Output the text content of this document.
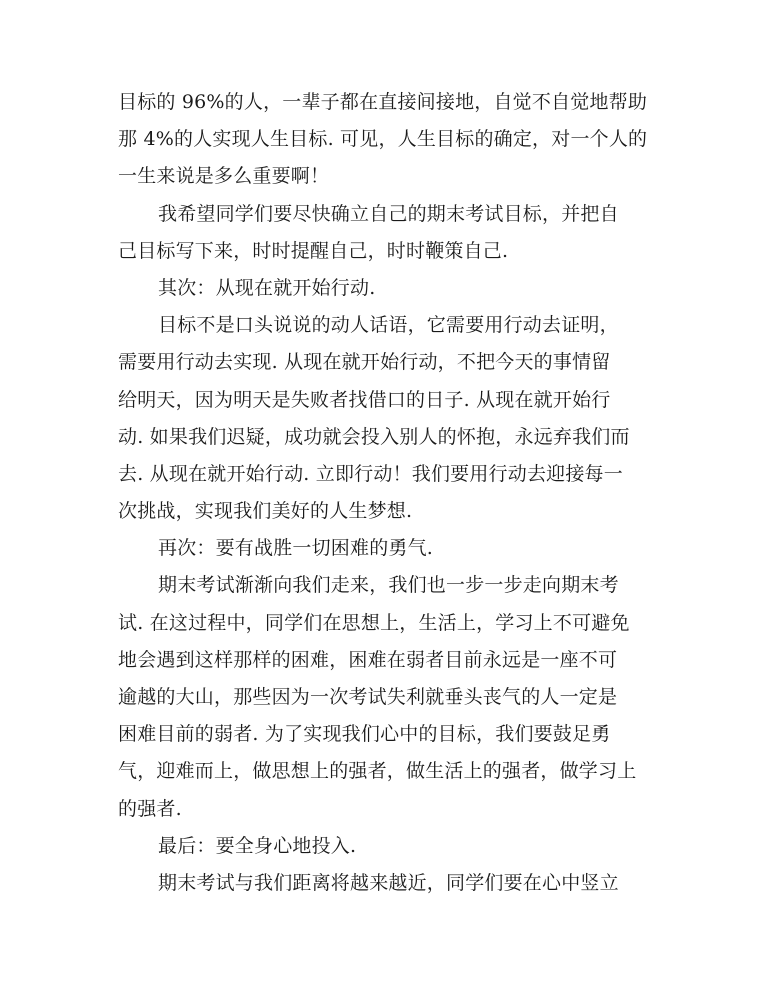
目标的 96%的人，一辈子都在直接间接地，自觉不自觉地帮助
那 4%的人实现人生目标. 可见，人生目标的确定，对一个人的
一生来说是多么重要啊！
我希望同学们要尽快确立自己的期末考试目标，并把自
己目标写下来，时时提醒自己，时时鞭策自己.
其次：从现在就开始行动.
目标不是口头说说的动人话语，它需要用行动去证明，
需要用行动去实现. 从现在就开始行动，不把今天的事情留
给明天，因为明天是失败者找借口的日子. 从现在就开始行
动. 如果我们迟疑，成功就会投入别人的怀抱，永远弃我们而
去. 从现在就开始行动. 立即行动！我们要用行动去迎接每一
次挑战，实现我们美好的人生梦想.
再次：要有战胜一切困难的勇气.
期末考试渐渐向我们走来，我们也一步一步走向期末考
试. 在这过程中，同学们在思想上，生活上，学习上不可避免
地会遇到这样那样的困难，困难在弱者目前永远是一座不可
逾越的大山，那些因为一次考试失利就垂头丧气的人一定是
困难目前的弱者. 为了实现我们心中的目标，我们要鼓足勇
气，迎难而上，做思想上的强者，做生活上的强者，做学习上
的强者.
最后：要全身心地投入.
期末考试与我们距离将越来越近，同学们要在心中竖立
